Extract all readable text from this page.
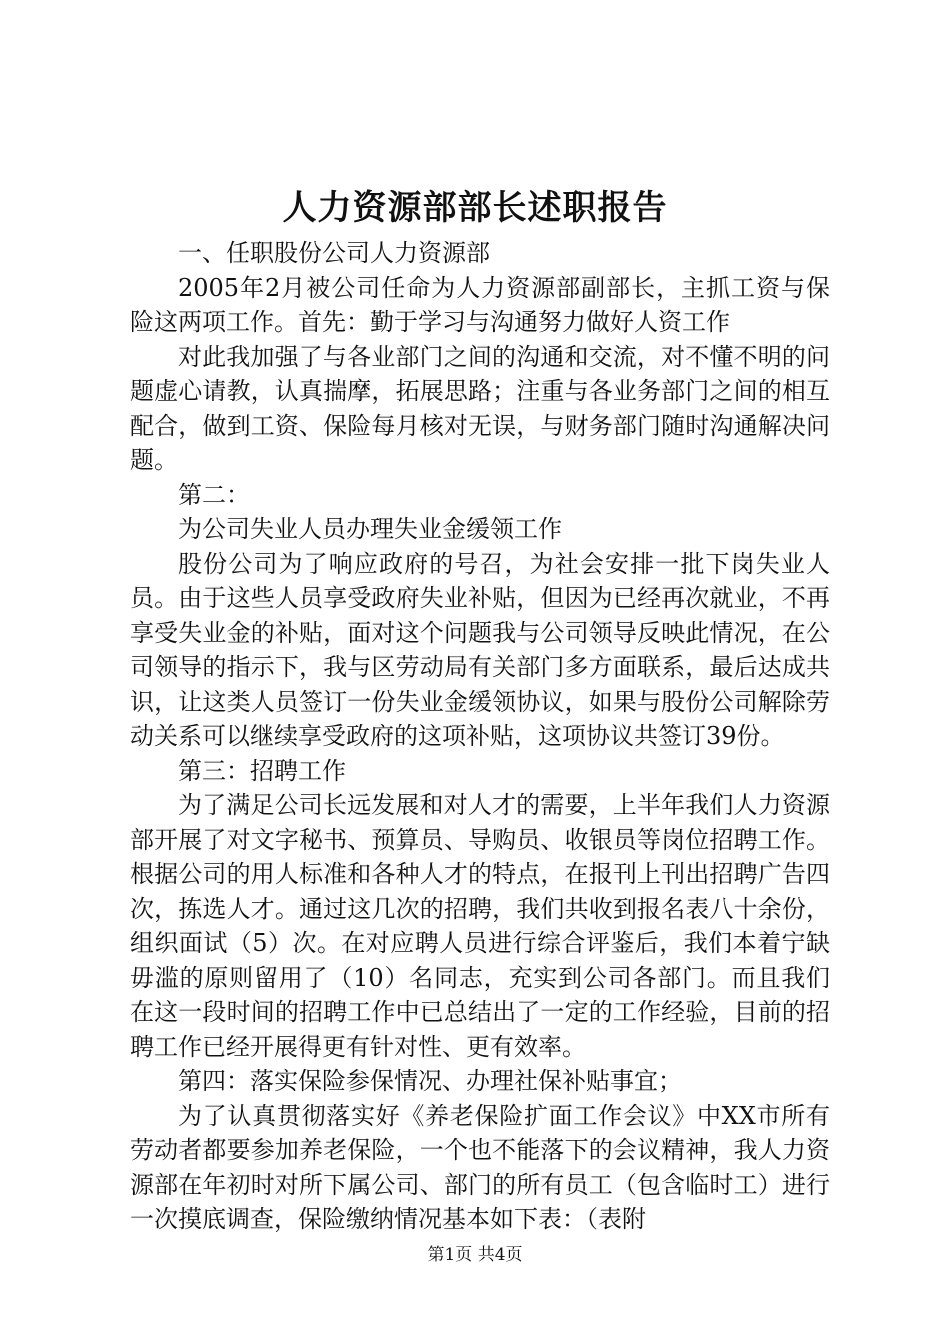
人力资源部部长述职报告

一、任职股份公司人力资源部

2005年2月被公司任命为人力资源部副部长，主抓工资与保险这两项工作。首先：勤于学习与沟通努力做好人资工作

对此我加强了与各业部门之间的沟通和交流，对不懂不明的问题虚心请教，认真揣摩，拓展思路；注重与各业务部门之间的相互配合，做到工资、保险每月核对无误，与财务部门随时沟通解决问题。

第二：

为公司失业人员办理失业金缓领工作

股份公司为了响应政府的号召，为社会安排一批下岗失业人员。由于这些人员享受政府失业补贴，但因为已经再次就业，不再享受失业金的补贴，面对这个问题我与公司领导反映此情况，在公司领导的指示下，我与区劳动局有关部门多方面联系，最后达成共识，让这类人员签订一份失业金缓领协议，如果与股份公司解除劳动关系可以继续享受政府的这项补贴，这项协议共签订39份。

第三：招聘工作

为了满足公司长远发展和对人才的需要，上半年我们人力资源部开展了对文字秘书、预算员、导购员、收银员等岗位招聘工作。根据公司的用人标准和各种人才的特点，在报刊上刊出招聘广告四次，拣选人才。通过这几次的招聘，我们共收到报名表八十余份，组织面试（5）次。在对应聘人员进行综合评鉴后，我们本着宁缺毋滥的原则留用了（10）名同志，充实到公司各部门。而且我们在这一段时间的招聘工作中已总结出了一定的工作经验，目前的招聘工作已经开展得更有针对性、更有效率。

第四：落实保险参保情况、办理社保补贴事宜；

为了认真贯彻落实好《养老保险扩面工作会议》中XX市所有劳动者都要参加养老保险，一个也不能落下的会议精神，我人力资源部在年初时对所下属公司、部门的所有员工（包含临时工）进行一次摸底调查，保险缴纳情况基本如下表：（表附

第1页 共4页
